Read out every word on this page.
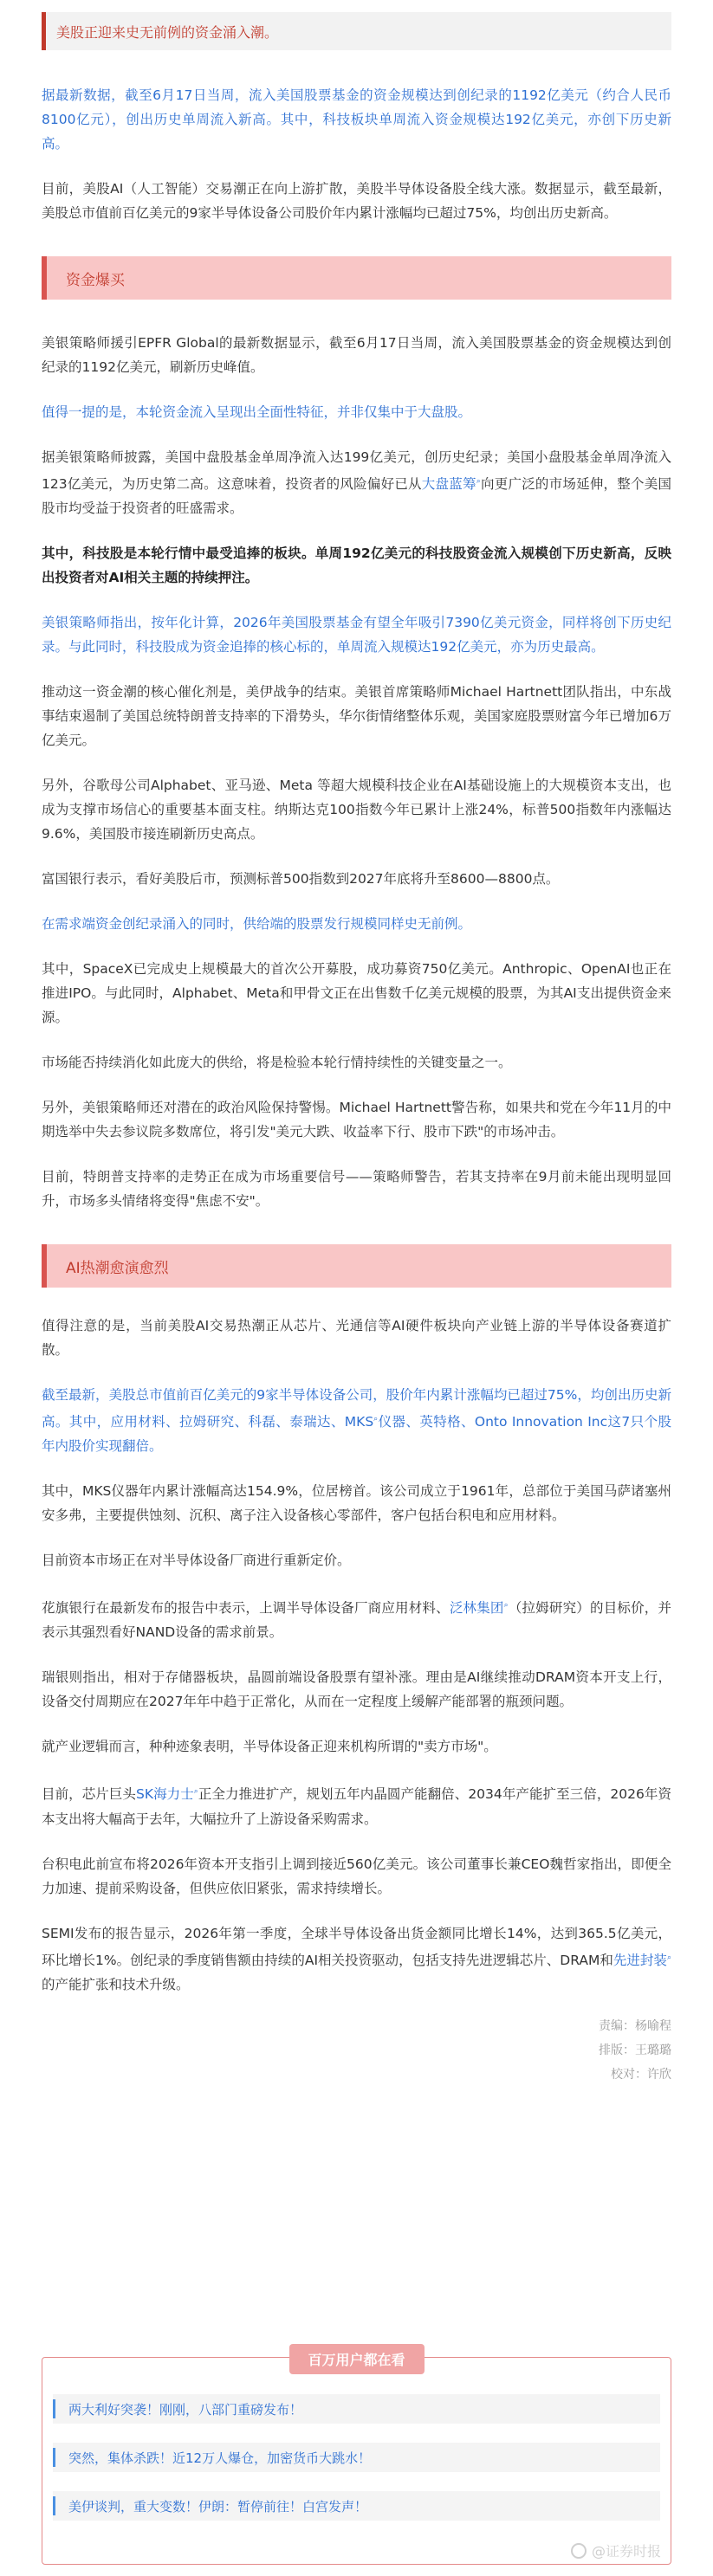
美股正迎来史无前例的资金涌入潮。

据最新数据，截至6月17日当周，流入美国股票基金的资金规模达到创纪录的1192亿美元（约合人民币8100亿元），创出历史单周流入新高。其中，科技板块单周流入资金规模达192亿美元，亦创下历史新高。

目前，美股AI（人工智能）交易潮正在向上游扩散，美股半导体设备股全线大涨。数据显示，截至最新，美股总市值前百亿美元的9家半导体设备公司股价年内累计涨幅均已超过75%，均创出历史新高。

资金爆买

美银策略师援引EPFR Global的最新数据显示，截至6月17日当周，流入美国股票基金的资金规模达到创纪录的1192亿美元，刷新历史峰值。

值得一提的是，本轮资金流入呈现出全面性特征，并非仅集中于大盘股。

据美银策略师披露，美国中盘股基金单周净流入达199亿美元，创历史纪录；美国小盘股基金单周净流入123亿美元，为历史第二高。这意味着，投资者的风险偏好已从大盘蓝筹⌕向更广泛的市场延伸，整个美国股市均受益于投资者的旺盛需求。

其中，科技股是本轮行情中最受追捧的板块。单周192亿美元的科技股资金流入规模创下历史新高，反映出投资者对AI相关主题的持续押注。

美银策略师指出，按年化计算，2026年美国股票基金有望全年吸引7390亿美元资金，同样将创下历史纪录。与此同时，科技股成为资金追捧的核心标的，单周流入规模达192亿美元，亦为历史最高。

推动这一资金潮的核心催化剂是，美伊战争的结束。美银首席策略师Michael Hartnett团队指出，中东战事结束遏制了美国总统特朗普支持率的下滑势头，华尔街情绪整体乐观，美国家庭股票财富今年已增加6万亿美元。

另外，谷歌母公司Alphabet、亚马逊、Meta 等超大规模科技企业在AI基础设施上的大规模资本支出，也成为支撑市场信心的重要基本面支柱。纳斯达克100指数今年已累计上涨24%，标普500指数年内涨幅达9.6%，美国股市接连刷新历史高点。

富国银行表示，看好美股后市，预测标普500指数到2027年底将升至8600—8800点。

在需求端资金创纪录涌入的同时，供给端的股票发行规模同样史无前例。

其中，SpaceX已完成史上规模最大的首次公开募股，成功募资750亿美元。Anthropic、OpenAI也正在推进IPO。与此同时，Alphabet、Meta和甲骨文正在出售数千亿美元规模的股票，为其AI支出提供资金来源。

市场能否持续消化如此庞大的供给，将是检验本轮行情持续性的关键变量之一。

另外，美银策略师还对潜在的政治风险保持警惕。Michael Hartnett警告称，如果共和党在今年11月的中期选举中失去参议院多数席位，将引发"美元大跌、收益率下行、股市下跌"的市场冲击。

目前，特朗普支持率的走势正在成为市场重要信号——策略师警告，若其支持率在9月前未能出现明显回升，市场多头情绪将变得"焦虑不安"。

AI热潮愈演愈烈

值得注意的是，当前美股AI交易热潮正从芯片、光通信等AI硬件板块向产业链上游的半导体设备赛道扩散。

截至最新，美股总市值前百亿美元的9家半导体设备公司，股价年内累计涨幅均已超过75%，均创出历史新高。其中，应用材料、拉姆研究、科磊、泰瑞达、MKS⌕仪器、英特格、Onto Innovation Inc这7只个股年内股价实现翻倍。

其中，MKS仪器年内累计涨幅高达154.9%，位居榜首。该公司成立于1961年，总部位于美国马萨诸塞州安多弗，主要提供蚀刻、沉积、离子注入设备核心零部件，客户包括台积电和应用材料。

目前资本市场正在对半导体设备厂商进行重新定价。

花旗银行在最新发布的报告中表示，上调半导体设备厂商应用材料、泛林集团⌕（拉姆研究）的目标价，并表示其强烈看好NAND设备的需求前景。

瑞银则指出，相对于存储器板块，晶圆前端设备股票有望补涨。理由是AI继续推动DRAM资本开支上行，设备交付周期应在2027年年中趋于正常化，从而在一定程度上缓解产能部署的瓶颈问题。

就产业逻辑而言，种种迹象表明，半导体设备正迎来机构所谓的"卖方市场"。

目前，芯片巨头SK海力士⌕正全力推进扩产，规划五年内晶圆产能翻倍、2034年产能扩至三倍，2026年资本支出将大幅高于去年，大幅拉升了上游设备采购需求。

台积电此前宣布将2026年资本开支指引上调到接近560亿美元。该公司董事长兼CEO魏哲家指出，即便全力加速、提前采购设备，但供应依旧紧张，需求持续增长。

SEMI发布的报告显示，2026年第一季度，全球半导体设备出货金额同比增长14%，达到365.5亿美元，环比增长1%。创纪录的季度销售额由持续的AI相关投资驱动，包括支持先进逻辑芯片、DRAM和先进封装⌕的产能扩张和技术升级。

责编：杨喻程
排版：王璐璐
校对：许欣
百万用户都在看
两大利好突袭！刚刚，八部门重磅发布！
突然，集体杀跌！近12万人爆仓，加密货币大跳水！
美伊谈判，重大变数！伊朗：暂停前往！白宫发声！
@证券时报
